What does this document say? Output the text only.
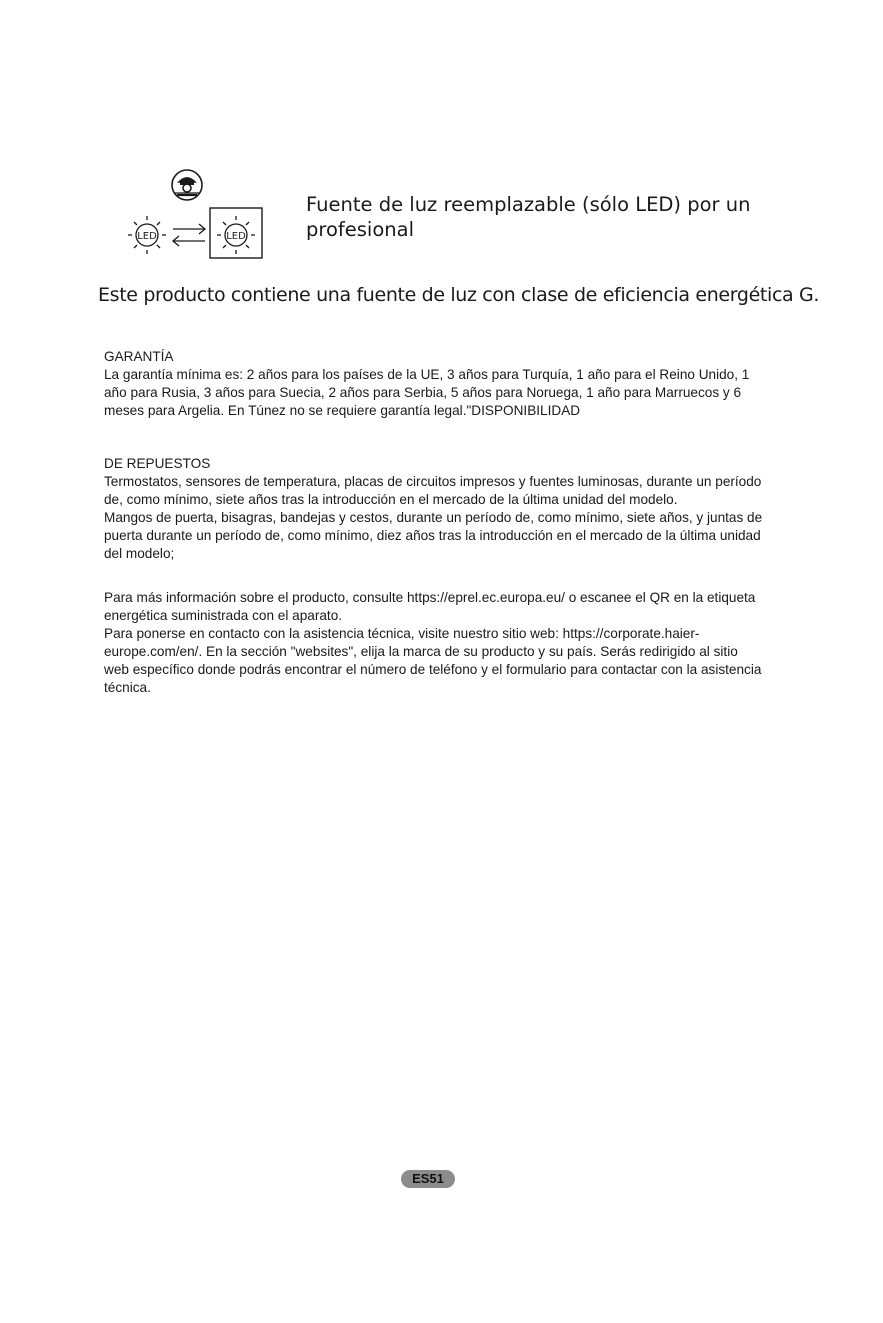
LED	LED
Fuente de luz reemplazable (sólo LED) por un profesional
Este producto contiene una fuente de luz con clase de eficiencia energética G.

GARANTÍA

La garantía mínima es: 2 años para los países de la UE, 3 años para Turquía, 1 año para el Reino Unido, 1 año para Rusia, 3 años para Suecia, 2 años para Serbia, 5 años para Noruega, 1 año para Marruecos y 6 meses para Argelia. En Túnez no se requiere garantía legal."DISPONIBILIDAD

DE REPUESTOS

Termostatos, sensores de temperatura, placas de circuitos impresos y fuentes luminosas, durante un período de, como mínimo, siete años tras la introducción en el mercado de la última unidad del modelo.

Mangos de puerta, bisagras, bandejas y cestos, durante un período de, como mínimo, siete años, y juntas de puerta durante un período de, como mínimo, diez años tras la introducción en el mercado de la última unidad del modelo;

Para más información sobre el producto, consulte https://eprel.ec.europa.eu/ o escanee el QR en la etiqueta energética suministrada con el aparato.

Para ponerse en contacto con la asistencia técnica, visite nuestro sitio web: https://corporate.haier-europe.com/en/. En la sección "websites", elija la marca de su producto y su país. Serás redirigido al sitio web específico donde podrás encontrar el número de teléfono y el formulario para contactar con la asistencia técnica.

ES51
